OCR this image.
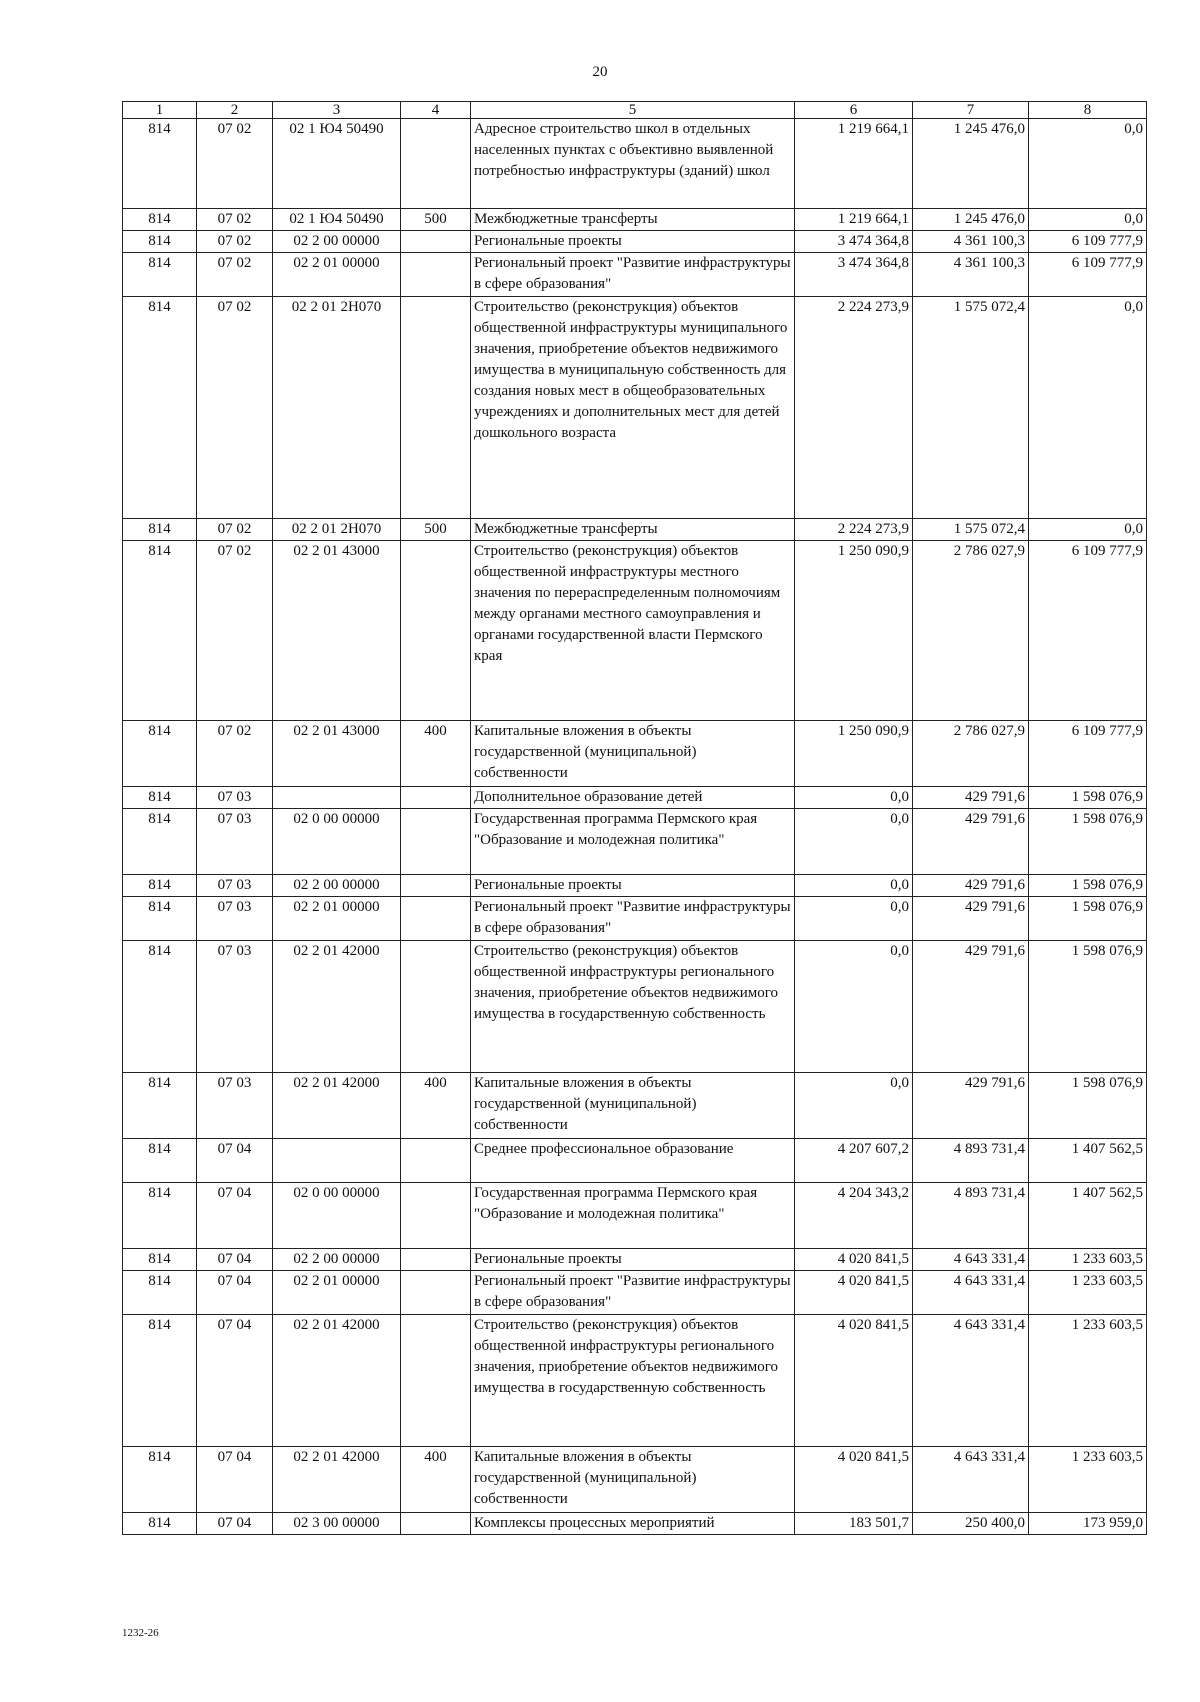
20
1	2	3	4	5	6	7	8
814	07 02	02 1 Ю4 50490		Адресное строительство школ в отдельных населенных пунктах с объективно выявленной потребностью инфраструктуры (зданий) школ	1 219 664,1	1 245 476,0	0,0
814	07 02	02 1 Ю4 50490	500	Межбюджетные трансферты	1 219 664,1	1 245 476,0	0,0
814	07 02	02 2 00 00000		Региональные проекты	3 474 364,8	4 361 100,3	6 109 777,9
814	07 02	02 2 01 00000		Региональный проект "Развитие инфраструктуры в сфере образования"	3 474 364,8	4 361 100,3	6 109 777,9
814	07 02	02 2 01 2Н070		Строительство (реконструкция) объектов общественной инфраструктуры муниципального значения, приобретение объектов недвижимого имущества в муниципальную собственность для создания новых мест в общеобразовательных учреждениях и дополнительных мест для детей дошкольного возраста	2 224 273,9	1 575 072,4	0,0
814	07 02	02 2 01 2Н070	500	Межбюджетные трансферты	2 224 273,9	1 575 072,4	0,0
814	07 02	02 2 01 43000		Строительство (реконструкция) объектов общественной инфраструктуры местного значения по перераспределенным полномочиям между органами местного самоуправления и органами государственной власти Пермского края	1 250 090,9	2 786 027,9	6 109 777,9
814	07 02	02 2 01 43000	400	Капитальные вложения в объекты государственной (муниципальной) собственности	1 250 090,9	2 786 027,9	6 109 777,9
814	07 03			Дополнительное образование детей	0,0	429 791,6	1 598 076,9
814	07 03	02 0 00 00000		Государственная программа Пермского края "Образование и молодежная политика"	0,0	429 791,6	1 598 076,9
814	07 03	02 2 00 00000		Региональные проекты	0,0	429 791,6	1 598 076,9
814	07 03	02 2 01 00000		Региональный проект "Развитие инфраструктуры в сфере образования"	0,0	429 791,6	1 598 076,9
814	07 03	02 2 01 42000		Строительство (реконструкция) объектов общественной инфраструктуры регионального значения, приобретение объектов недвижимого имущества в государственную собственность	0,0	429 791,6	1 598 076,9
814	07 03	02 2 01 42000	400	Капитальные вложения в объекты государственной (муниципальной) собственности	0,0	429 791,6	1 598 076,9
814	07 04			Среднее профессиональное образование	4 207 607,2	4 893 731,4	1 407 562,5
814	07 04	02 0 00 00000		Государственная программа Пермского края "Образование и молодежная политика"	4 204 343,2	4 893 731,4	1 407 562,5
814	07 04	02 2 00 00000		Региональные проекты	4 020 841,5	4 643 331,4	1 233 603,5
814	07 04	02 2 01 00000		Региональный проект "Развитие инфраструктуры в сфере образования"	4 020 841,5	4 643 331,4	1 233 603,5
814	07 04	02 2 01 42000		Строительство (реконструкция) объектов общественной инфраструктуры регионального значения, приобретение объектов недвижимого имущества в государственную собственность	4 020 841,5	4 643 331,4	1 233 603,5
814	07 04	02 2 01 42000	400	Капитальные вложения в объекты государственной (муниципальной) собственности	4 020 841,5	4 643 331,4	1 233 603,5
814	07 04	02 3 00 00000		Комплексы процессных мероприятий	183 501,7	250 400,0	173 959,0
1232-26
